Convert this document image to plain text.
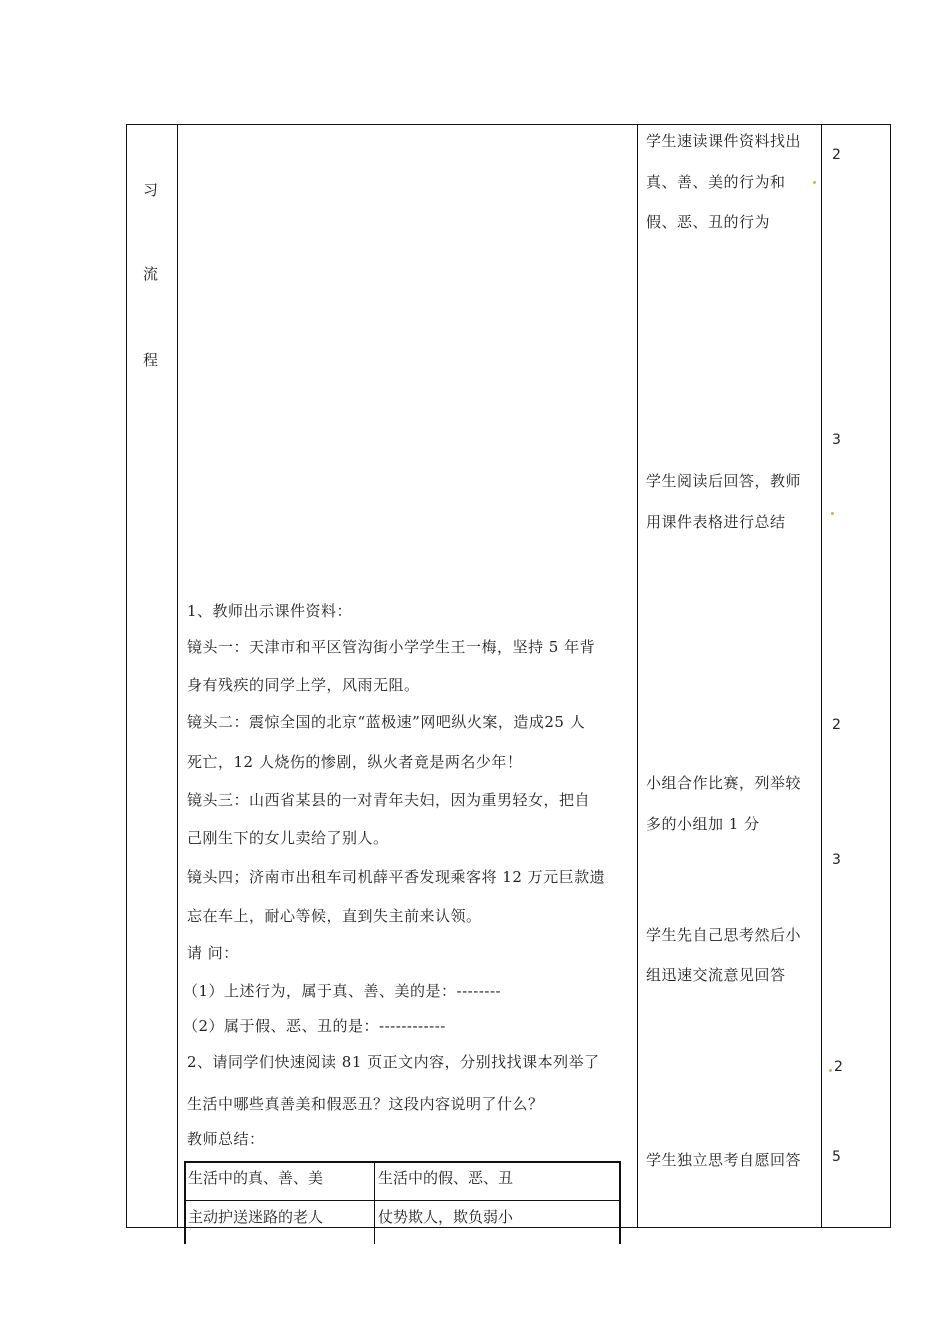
习
流
程
1、教师出示课件资料：
镜头一：天津市和平区管沟街小学学生王一梅，坚持 5 年背
身有残疾的同学上学，风雨无阻。
镜头二：震惊全国的北京“蓝极速”网吧纵火案，造成25 人
死亡，12 人烧伤的惨剧，纵火者竟是两名少年！
镜头三：山西省某县的一对青年夫妇，因为重男轻女，把自
己刚生下的女儿卖给了别人。
镜头四；济南市出租车司机薛平香发现乘客将 12 万元巨款遗
忘在车上，耐心等候，直到失主前来认领。
请 问：
（1）上述行为，属于真、善、美的是：--------
（2）属于假、恶、丑的是：------------
2、请同学们快速阅读 81 页正文内容，分别找找课本列举了
生活中哪些真善美和假恶丑？这段内容说明了什么？
教师总结：
生活中的真、善、美	生活中的假、恶、丑
主动护送迷路的老人	仗势欺人，欺负弱小
学生速读课件资料找出
真、善、美的行为和
假、恶、丑的行为
学生阅读后回答，教师
用课件表格进行总结
小组合作比赛，列举较
多的小组加 1 分
学生先自己思考然后小
组迅速交流意见回答
学生独立思考自愿回答
2
3
2
3
2
5
